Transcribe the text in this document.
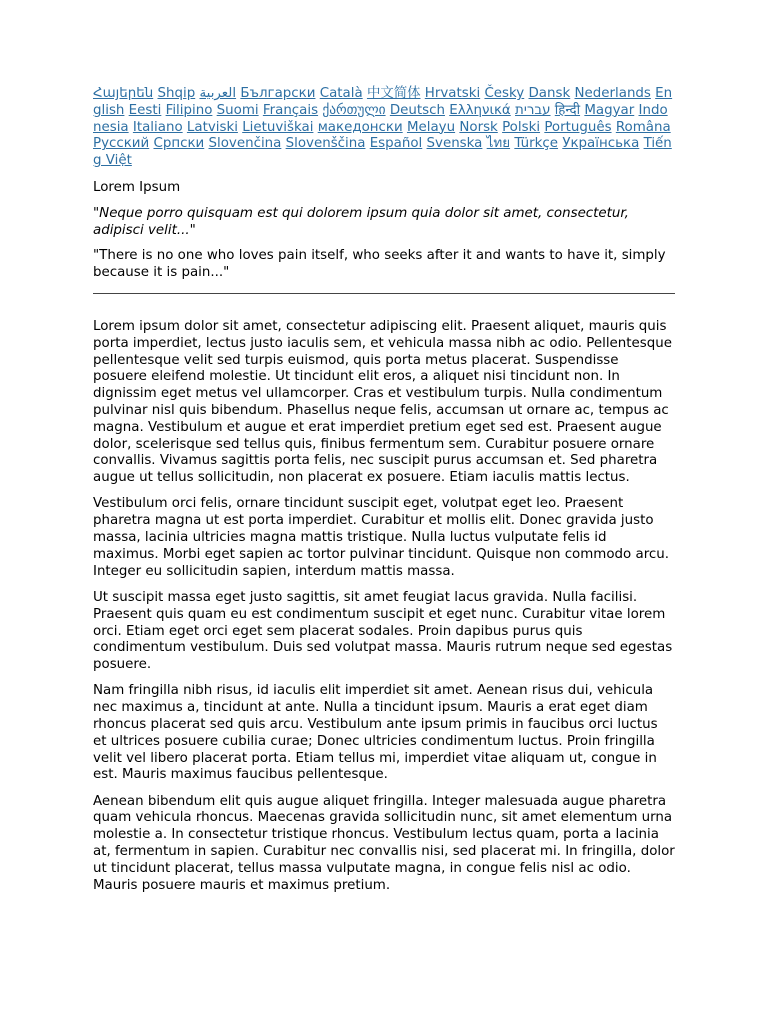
Հայերեն Shqip العربية Български Català 中文简体 Hrvatski Česky Dansk Nederlands English Eesti Filipino Suomi Français ქართული Deutsch Ελληνικά עברית हिन्दी Magyar Indonesia Italiano Latviski Lietuviškai македонски Melayu Norsk Polski Português Româna Pусский Српски Slovenčina Slovenščina Español Svenska ไทย Türkçe Українська Tiếng Việt
Lorem Ipsum
"Neque porro quisquam est qui dolorem ipsum quia dolor sit amet, consectetur, adipisci velit..."
"There is no one who loves pain itself, who seeks after it and wants to have it, simply because it is pain..."

Lorem ipsum dolor sit amet, consectetur adipiscing elit. Praesent aliquet, mauris quis porta imperdiet, lectus justo iaculis sem, et vehicula massa nibh ac odio. Pellentesque pellentesque velit sed turpis euismod, quis porta metus placerat. Suspendisse posuere eleifend molestie. Ut tincidunt elit eros, a aliquet nisi tincidunt non. In dignissim eget metus vel ullamcorper. Cras et vestibulum turpis. Nulla condimentum pulvinar nisl quis bibendum. Phasellus neque felis, accumsan ut ornare ac, tempus ac magna. Vestibulum et augue et erat imperdiet pretium eget sed est. Praesent augue dolor, scelerisque sed tellus quis, finibus fermentum sem. Curabitur posuere ornare convallis. Vivamus sagittis porta felis, nec suscipit purus accumsan et. Sed pharetra augue ut tellus sollicitudin, non placerat ex posuere. Etiam iaculis mattis lectus.

Vestibulum orci felis, ornare tincidunt suscipit eget, volutpat eget leo. Praesent pharetra magna ut est porta imperdiet. Curabitur et mollis elit. Donec gravida justo massa, lacinia ultricies magna mattis tristique. Nulla luctus vulputate felis id maximus. Morbi eget sapien ac tortor pulvinar tincidunt. Quisque non commodo arcu. Integer eu sollicitudin sapien, interdum mattis massa.

Ut suscipit massa eget justo sagittis, sit amet feugiat lacus gravida. Nulla facilisi. Praesent quis quam eu est condimentum suscipit et eget nunc. Curabitur vitae lorem orci. Etiam eget orci eget sem placerat sodales. Proin dapibus purus quis condimentum vestibulum. Duis sed volutpat massa. Mauris rutrum neque sed egestas posuere.

Nam fringilla nibh risus, id iaculis elit imperdiet sit amet. Aenean risus dui, vehicula nec maximus a, tincidunt at ante. Nulla a tincidunt ipsum. Mauris a erat eget diam rhoncus placerat sed quis arcu. Vestibulum ante ipsum primis in faucibus orci luctus et ultrices posuere cubilia curae; Donec ultricies condimentum luctus. Proin fringilla velit vel libero placerat porta. Etiam tellus mi, imperdiet vitae aliquam ut, congue in est. Mauris maximus faucibus pellentesque.

Aenean bibendum elit quis augue aliquet fringilla. Integer malesuada augue pharetra quam vehicula rhoncus. Maecenas gravida sollicitudin nunc, sit amet elementum urna molestie a. In consectetur tristique rhoncus. Vestibulum lectus quam, porta a lacinia at, fermentum in sapien. Curabitur nec convallis nisi, sed placerat mi. In fringilla, dolor ut tincidunt placerat, tellus massa vulputate magna, in congue felis nisl ac odio. Mauris posuere mauris et maximus pretium.
